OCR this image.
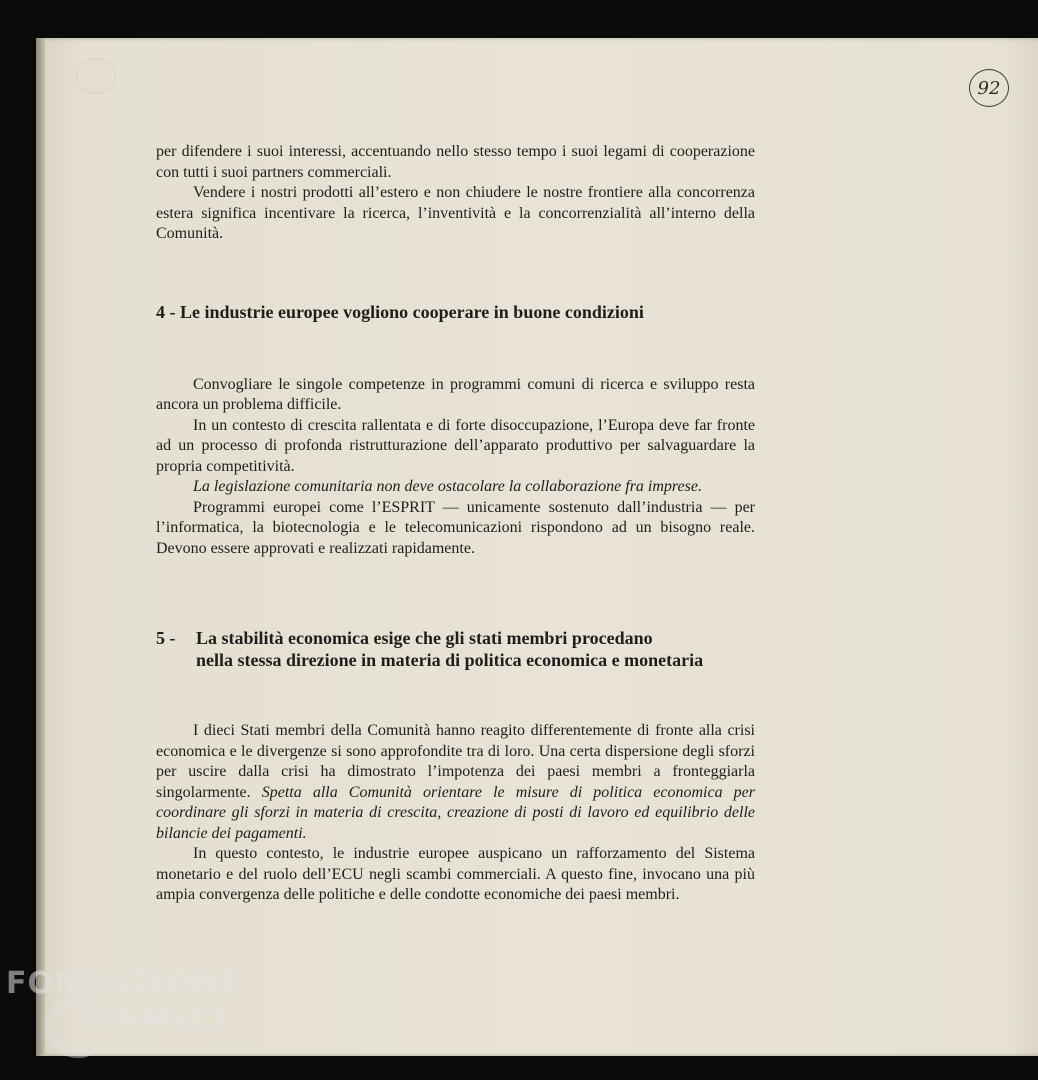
92

per difendere i suoi interessi, accentuando nello stesso tempo i suoi legami di cooperazione con tutti i suoi partners commerciali.

Vendere i nostri prodotti all’estero e non chiudere le nostre frontiere alla concorrenza estera significa incentivare la ricerca, l’inventività e la concorrenzialità all’interno della Comunità.

4 - Le industrie europee vogliono cooperare in buone condizioni

Convogliare le singole competenze in programmi comuni di ricerca e sviluppo resta ancora un problema difficile.

In un contesto di crescita rallentata e di forte disoccupazione, l’Europa deve far fronte ad un processo di profonda ristrutturazione dell’apparato produttivo per salvaguardare la propria competitività.

La legislazione comunitaria non deve ostacolare la collaborazione fra imprese.

Programmi europei come l’ESPRIT — unicamente sostenuto dall’industria — per l’informatica, la biotecnologia e le telecomunicazioni rispondono ad un bisogno reale. Devono essere approvati e realizzati rapidamente.

5 - La stabilità economica esige che gli stati membri procedano
nella stessa direzione in materia di politica economica e monetaria

I dieci Stati membri della Comunità hanno reagito differentemente di fronte alla crisi economica e le divergenze si sono approfondite tra di loro. Una certa dispersione degli sforzi per uscire dalla crisi ha dimostrato l’impotenza dei paesi membri a fronteggiarla singolarmente. Spetta alla Comunità orientare le misure di politica economica per coordinare gli sforzi in materia di crescita, creazione di posti di lavoro ed equilibrio delle bilancie dei pagamenti.

In questo contesto, le industrie europee auspicano un rafforzamento del Sistema monetario e del ruolo dell’ECU negli scambi commerciali. A questo fine, invocano una più ampia convergenza delle politiche e delle condotte economiche dei paesi membri.

FONDAZIONE
RAMSCI
onlus
